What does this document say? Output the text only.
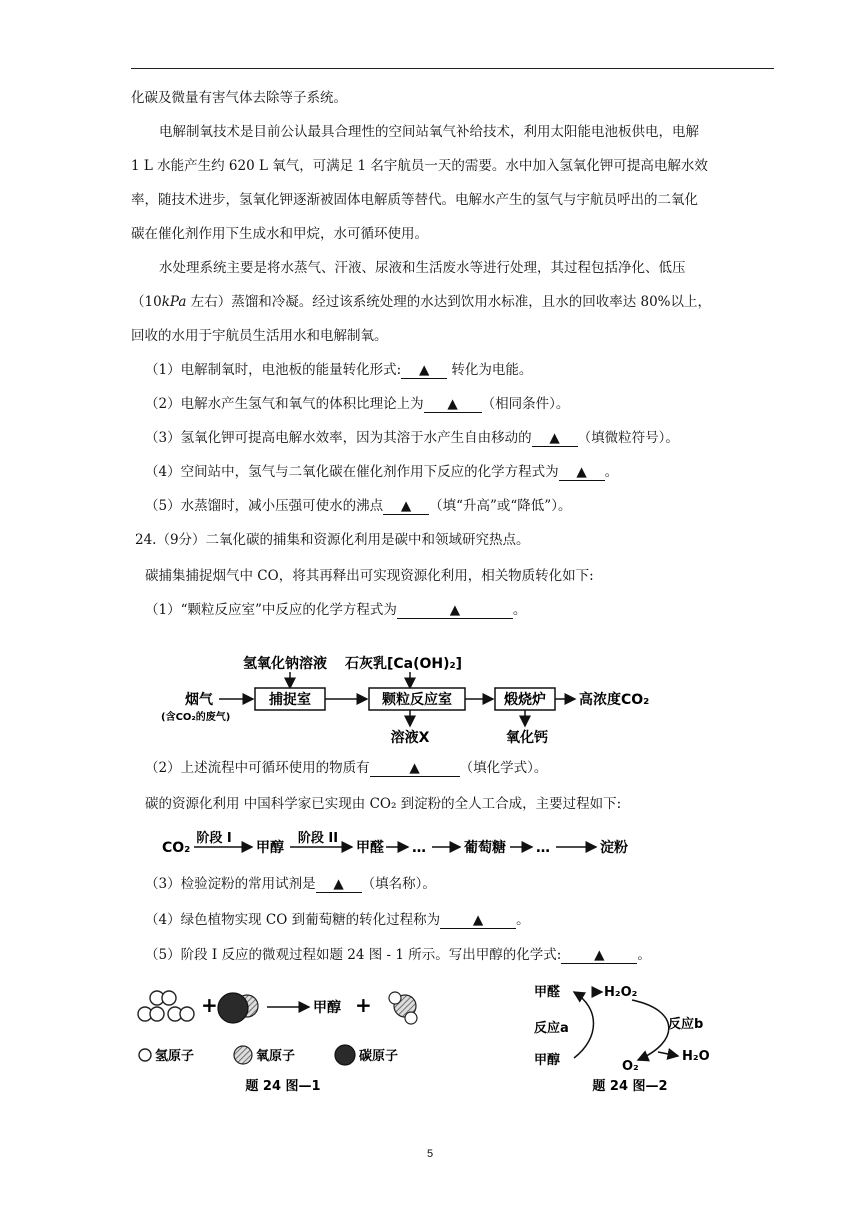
化碳及微量有害气体去除等子系统。
电解制氧技术是目前公认最具合理性的空间站氧气补给技术，利用太阳能电池板供电，电解
1 L 水能产生约 620 L 氧气，可满足 1 名宇航员一天的需要。水中加入氢氧化钾可提高电解水效
率，随技术进步，氢氧化钾逐渐被固体电解质等替代。电解水产生的氢气与宇航员呼出的二氧化
碳在催化剂作用下生成水和甲烷，水可循环使用。
水处理系统主要是将水蒸气、汗液、尿液和生活废水等进行处理，其过程包括净化、低压
（10kPa 左右）蒸馏和冷凝。经过该系统处理的水达到饮用水标准，且水的回收率达 80%以上，
回收的水用于宇航员生活用水和电解制氧。
（1）电解制氧时，电池板的能量转化形式: ▲ 转化为电能。
（2）电解水产生氢气和氧气的体积比理论上为 ▲ （相同条件）。
（3）氢氧化钾可提高电解水效率，因为其溶于水产生自由移动的 ▲ （填微粒符号）。
（4）空间站中，氢气与二氧化碳在催化剂作用下反应的化学方程式为 ▲ 。
（5）水蒸馏时，减小压强可使水的沸点 ▲ （填“升高”或“降低”）。
24.（9分）二氧化碳的捕集和资源化利用是碳中和领域研究热点。
碳捕集捕捉烟气中 CO，将其再释出可实现资源化利用，相关物质转化如下:
（1）“颗粒反应室”中反应的化学方程式为	▲	。
氢氧化钠溶液 石灰乳[Ca(OH)₂]
烟气
(含CO₂的废气)
捕捉室	颗粒反应室	煅烧炉 高浓度CO₂
溶液X	氧化钙
（2）上述流程中可循环使用的物质有	▲	（填化学式）。
碳的资源化利用 中国科学家已实现由 CO₂ 到淀粉的全人工合成，主要过程如下:
CO₂
阶段 I
甲醇
阶段 II
甲醛 …	葡萄糖 …	淀粉
（3）检验淀粉的常用试剂是 ▲ （填名称）。
（4）绿色植物实现 CO 到葡萄糖的转化过程称为 ▲ 。
（5）阶段 I 反应的微观过程如题 24 图 - 1 所示。写出甲醇的化学式: ▲ 。
+	甲醇 +
氢原子	氧原子	碳原子
题 24 图—1
甲醛	H₂O₂
反应a	反应b
甲醇	O₂
H₂O
题 24 图—2
5
